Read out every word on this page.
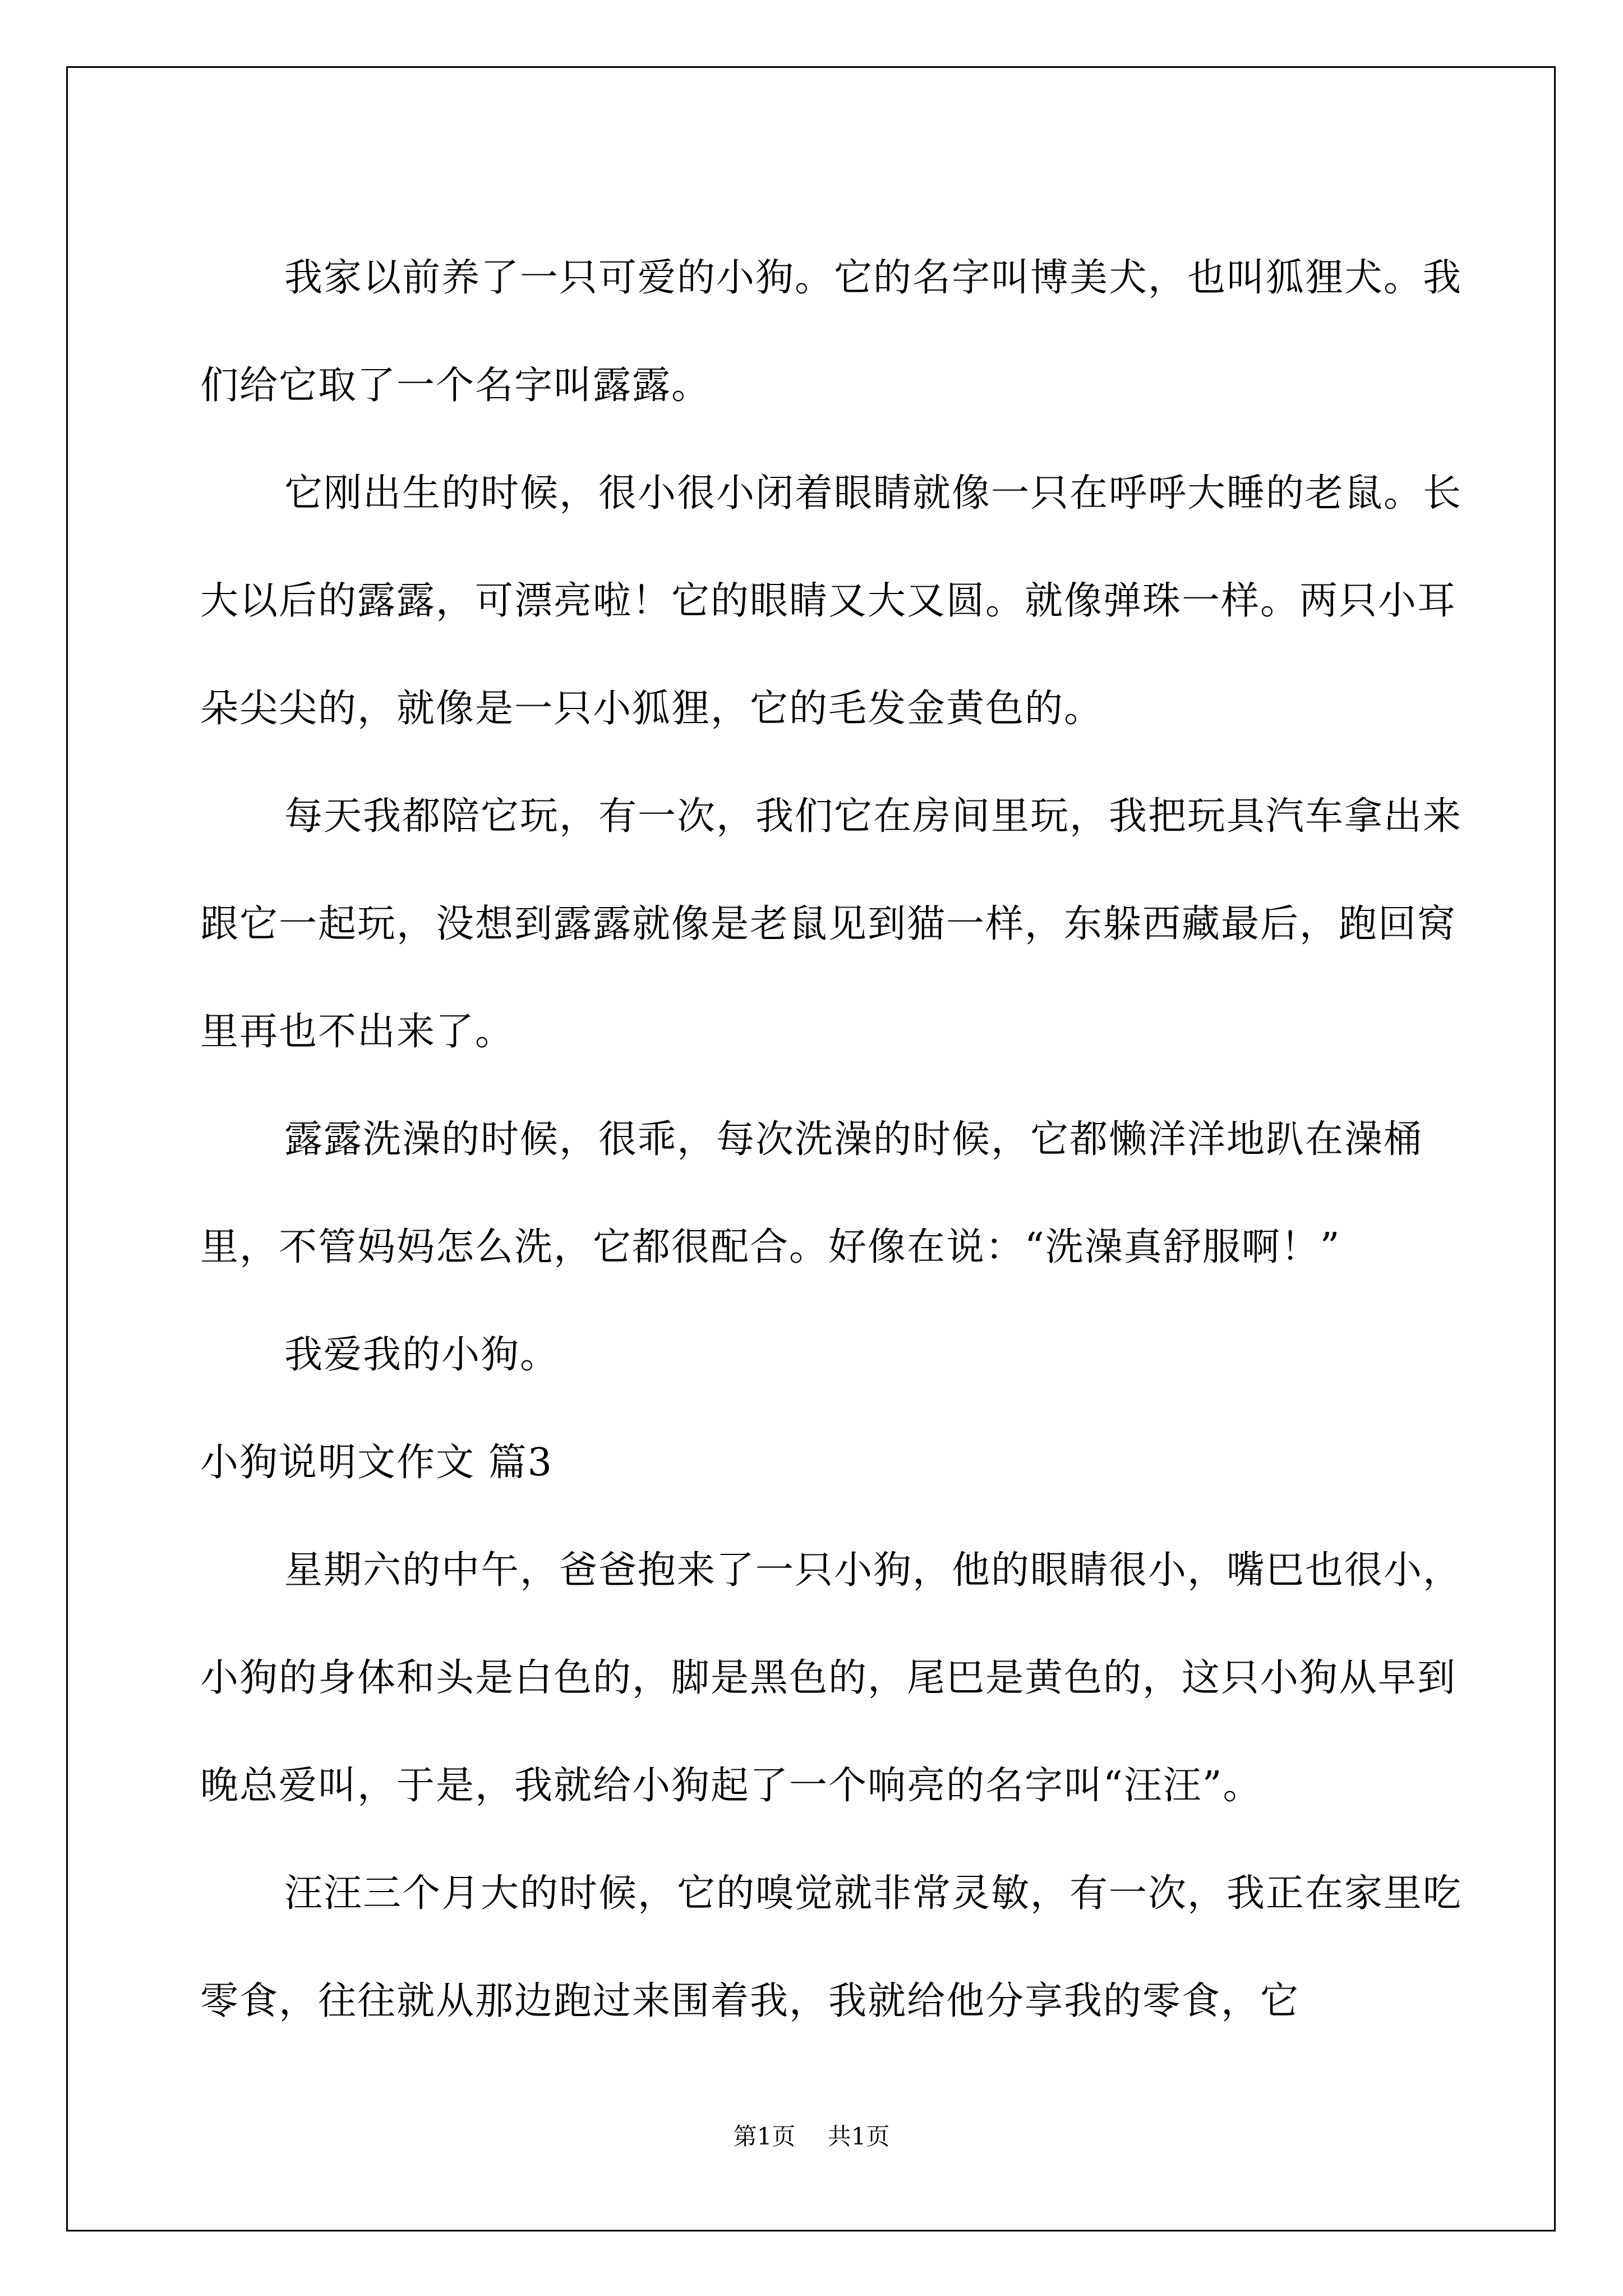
我家以前养了一只可爱的小狗。它的名字叫博美犬，也叫狐狸犬。我们给它取了一个名字叫露露。

它刚出生的时候，很小很小闭着眼睛就像一只在呼呼大睡的老鼠。长大以后的露露，可漂亮啦！它的眼睛又大又圆。就像弹珠一样。两只小耳朵尖尖的，就像是一只小狐狸，它的毛发金黄色的。

每天我都陪它玩，有一次，我们它在房间里玩，我把玩具汽车拿出来跟它一起玩，没想到露露就像是老鼠见到猫一样，东躲西藏最后，跑回窝里再也不出来了。

露露洗澡的时候，很乖，每次洗澡的时候，它都懒洋洋地趴在澡桶里，不管妈妈怎么洗，它都很配合。好像在说：“洗澡真舒服啊！”

我爱我的小狗。

小狗说明文作文 篇3

星期六的中午，爸爸抱来了一只小狗，他的眼睛很小，嘴巴也很小，小狗的身体和头是白色的，脚是黑色的，尾巴是黄色的，这只小狗从早到晚总爱叫，于是，我就给小狗起了一个响亮的名字叫“汪汪”。

汪汪三个月大的时候，它的嗅觉就非常灵敏，有一次，我正在家里吃零食，往往就从那边跑过来围着我，我就给他分享我的零食，它

第1页 共1页
